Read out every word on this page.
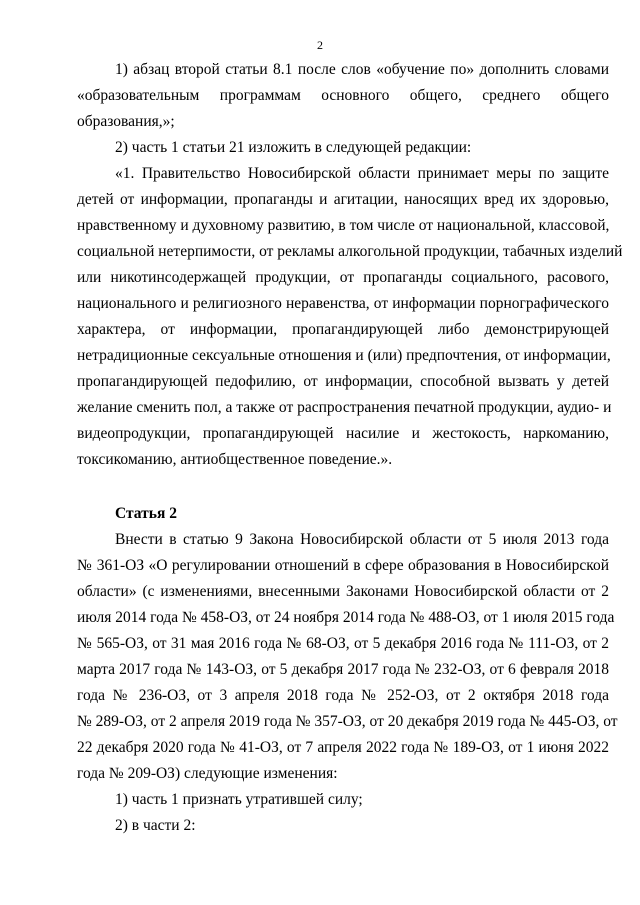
2
1) абзац второй статьи 8.1 после слов «обучение по» дополнить словами
«образовательным программам основного общего, среднего общего
образования,»;
2) часть 1 статьи 21 изложить в следующей редакции:
«1. Правительство Новосибирской области принимает меры по защите
детей от информации, пропаганды и агитации, наносящих вред их здоровью,
нравственному и духовному развитию, в том числе от национальной, классовой,
социальной нетерпимости, от рекламы алкогольной продукции, табачных изделий
или никотинсодержащей продукции, от пропаганды социального, расового,
национального и религиозного неравенства, от информации порнографического
характера, от информации, пропагандирующей либо демонстрирующей
нетрадиционные сексуальные отношения и (или) предпочтения, от информации,
пропагандирующей педофилию, от информации, способной вызвать у детей
желание сменить пол, а также от распространения печатной продукции, аудио- и
видеопродукции, пропагандирующей насилие и жестокость, наркоманию,
токсикоманию, антиобщественное поведение.».
Статья 2
Внести в статью 9 Закона Новосибирской области от 5 июля 2013 года
№ 361-ОЗ «О регулировании отношений в сфере образования в Новосибирской
области» (с изменениями, внесенными Законами Новосибирской области от 2
июля 2014 года № 458-ОЗ, от 24 ноября 2014 года № 488-ОЗ, от 1 июля 2015 года
№ 565-ОЗ, от 31 мая 2016 года № 68-ОЗ, от 5 декабря 2016 года № 111-ОЗ, от 2
марта 2017 года № 143-ОЗ, от 5 декабря 2017 года № 232-ОЗ, от 6 февраля 2018
года № 236-ОЗ, от 3 апреля 2018 года № 252-ОЗ, от 2 октября 2018 года
№ 289-ОЗ, от 2 апреля 2019 года № 357-ОЗ, от 20 декабря 2019 года № 445-ОЗ, от
22 декабря 2020 года № 41-ОЗ, от 7 апреля 2022 года № 189-ОЗ, от 1 июня 2022
года № 209-ОЗ) следующие изменения:
1) часть 1 признать утратившей силу;
2) в части 2:
